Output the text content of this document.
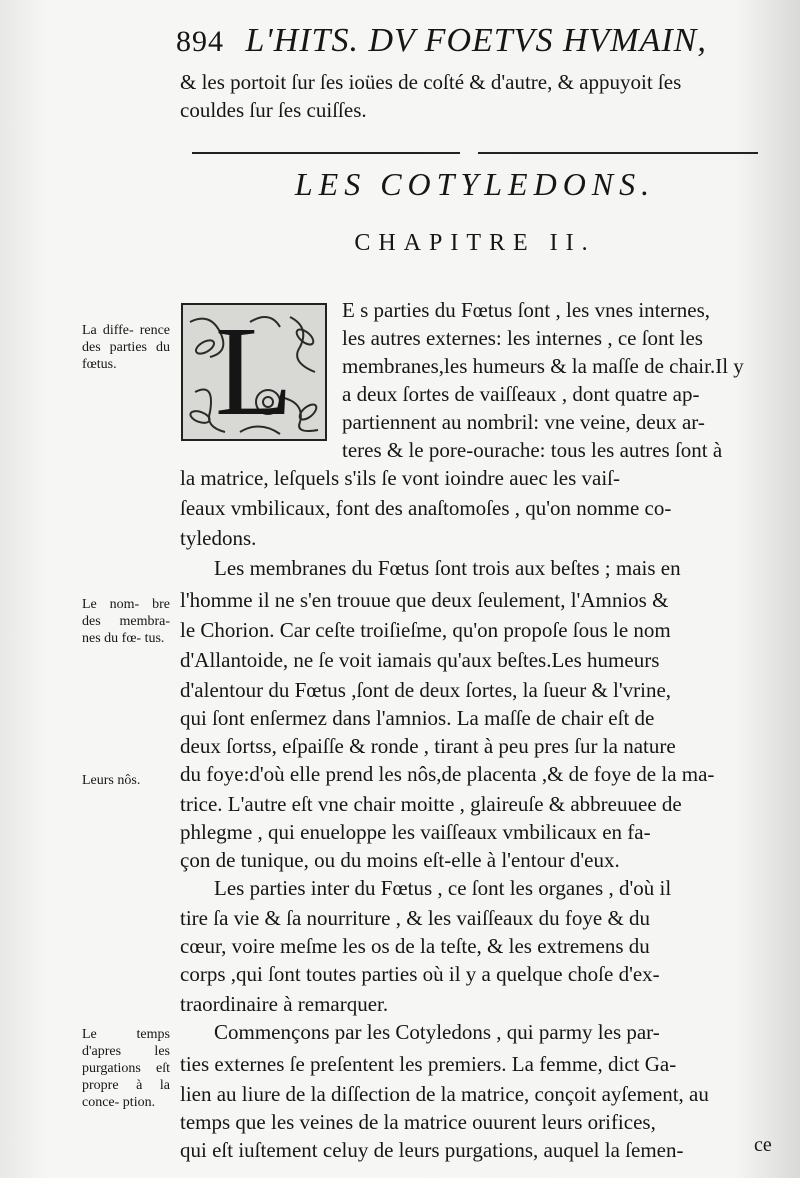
894 L'HITS. DV FOETVS HVMAIN,
& les portoit ſur ſes ioües de coſté & d'autre, & appuyoit ſes
couldes ſur ſes cuiſſes.
LES COTYLEDONS.
CHAPITRE II.
L E s parties du Fœtus ſont , les vnes internes,
les autres externes: les internes , ce ſont les
membranes,les humeurs & la maſſe de chair.Il y
a deux ſortes de vaiſſeaux , dont quatre ap-
partiennent au nombril: vne veine, deux ar-
teres & le pore-ourache: tous les autres ſont à
la matrice, leſquels s'ils ſe vont ioindre auec les vaiſ-
ſeaux vmbilicaux, font des anaſtomoſes , qu'on nomme co-
tyledons.
Les membranes du Fœtus ſont trois aux beſtes ; mais en
l'homme il ne s'en trouue que deux ſeulement, l'Amnios &
le Chorion. Car ceſte troiſieſme, qu'on propoſe ſous le nom
d'Allantoide, ne ſe voit iamais qu'aux beſtes.Les humeurs
d'alentour du Fœtus ,ſont de deux ſortes, la ſueur & l'vrine,
qui ſont enſermez dans l'amnios. La maſſe de chair eſt de
deux ſortss, eſpaiſſe & ronde , tirant à peu pres ſur la nature
du foye:d'où elle prend les nôs,de placenta ,& de foye de la ma-
trice. L'autre eſt vne chair moitte , glaireuſe & abbreuuee de
phlegme , qui enueloppe les vaiſſeaux vmbilicaux en fa-
çon de tunique, ou du moins eſt-elle à l'entour d'eux.
Les parties inter du Fœtus , ce ſont les organes , d'où il
tire ſa vie & ſa nourriture , & les vaiſſeaux du foye & du
cœur, voire meſme les os de la teſte, & les extremens du
corps ,qui ſont toutes parties où il y a quelque choſe d'ex-
traordinaire à remarquer.
Commençons par les Cotyledons , qui parmy les par-
ties externes ſe preſentent les premiers. La femme, dict Ga-
lien au liure de la diſſection de la matrice, conçoit ayſement, au
temps que les veines de la matrice ouurent leurs orifices,
qui eſt iuſtement celuy de leurs purgations, auquel la ſemen-
La diffe- rence des parties du fœtus.
Le nom- bre des membra- nes du fœ- tus.
Leurs nôs.
Le temps d'apres les purgations eſt propre à la conce- ption.
ce
